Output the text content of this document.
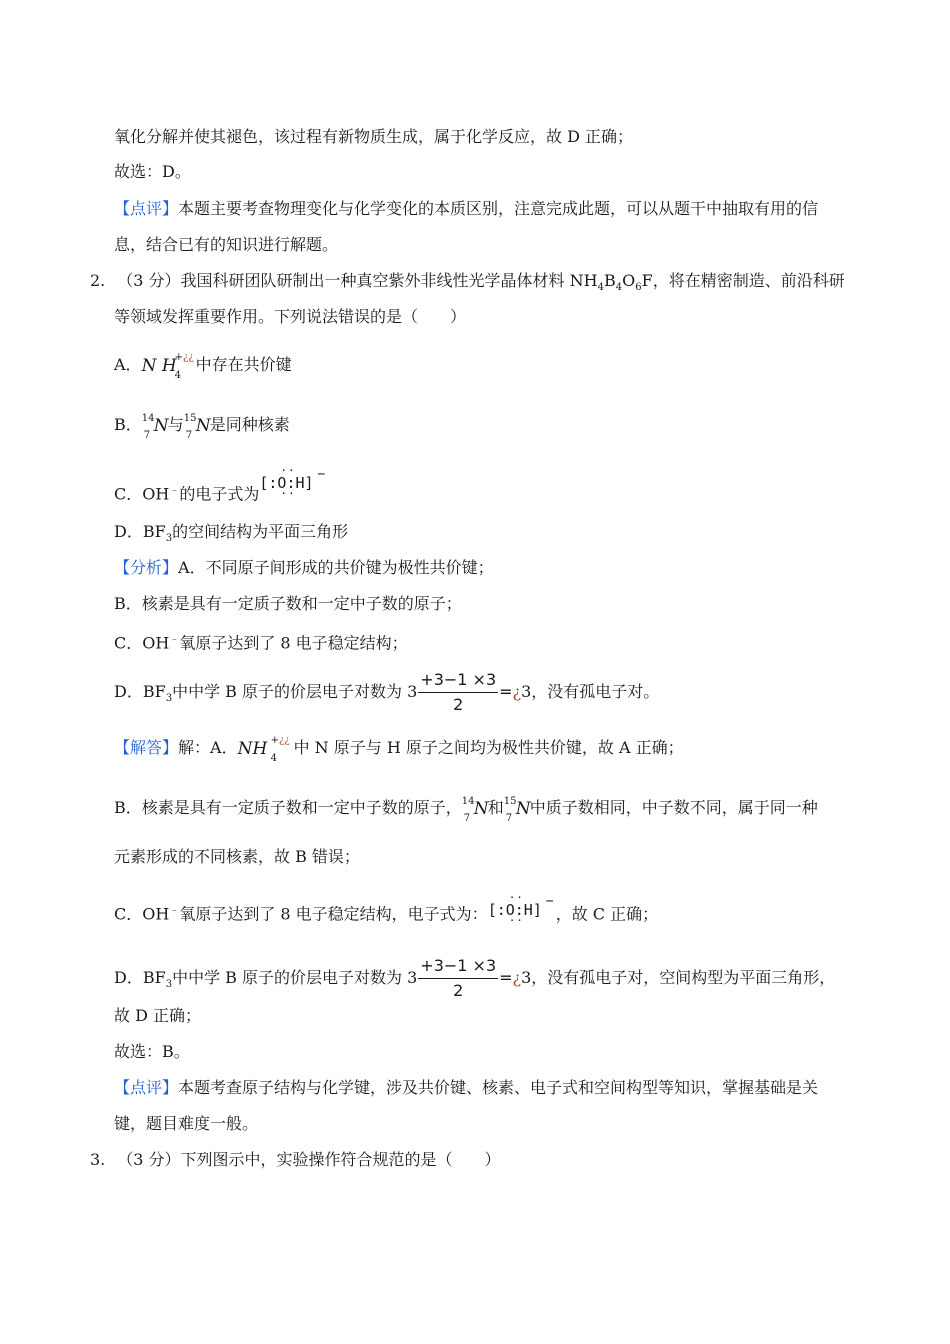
氧化分解并使其褪色，该过程有新物质生成，属于化学反应，故 D 正确；
故选：D。
【点评】本题主要考查物理变化与化学变化的本质区别，注意完成此题，可以从题干中抽取有用的信
息，结合已有的知识进行解题。
2. （3 分）我国科研团队研制出一种真空紫外非线性光学晶体材料 $NH_4B_4O_6F$，将在精密制造、前沿科研
等领域发挥重要作用。下列说法错误的是（　　）
A． N H
+¿¿
4
中存在共价键
B． 14
7 N 与 15
7 N 是同种核素
C．OH﹣的电子式为
··
[:O:H]
··
−
D．$BF_3$的空间结构为平面三角形
【分析】A．不同原子间形成的共价键为极性共价键；
B．核素是具有一定质子数和一定中子数的原子；
C．OH﹣氧原子达到了 8 电子稳定结构；
D．$BF_3$中中学 B 原子的价层电子对数为 $3 \frac{+3-1 \times 3}{2}$ =¿3，没有孤电子对。
【解答】解：A． NH +¿¿
4
中 N 原子与 H 原子之间均为极性共价键，故 A 正确；
B．核素是具有一定质子数和一定中子数的原子， 14
7 N 和 15
7 N 中质子数相同，中子数不同，属于同一种
元素形成的不同核素，故 B 错误；
C．OH﹣氧原子达到了 8 电子稳定结构，电子式为：
··
[:O:H]
··
−
，故 C 正确；
D．$BF_3$中中学 B 原子的价层电子对数为 $3 \frac{+3-1 \times 3}{2}$ =¿3，没有孤电子对，空间构型为平面三角形，
故 D 正确；
故选：B。
【点评】本题考查原子结构与化学键，涉及共价键、核素、电子式和空间构型等知识，掌握基础是关
键，题目难度一般。
3. （3 分）下列图示中，实验操作符合规范的是（　　）
